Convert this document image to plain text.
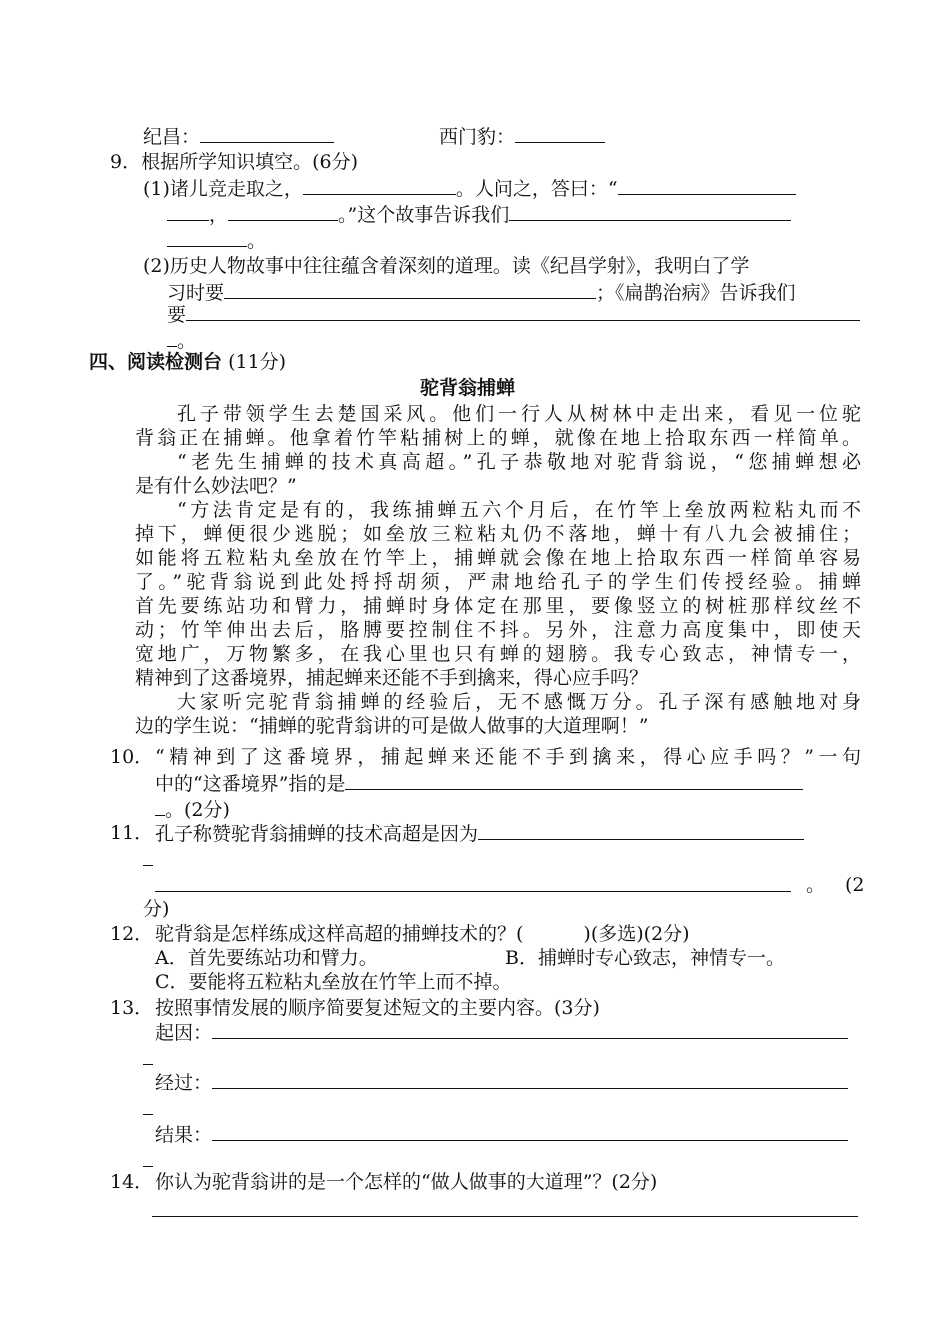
纪昌：	西门豹：
9．根据所学知识填空。(6分)
(1)诸儿竞走取之，	。人问之，答曰：“
，	。”这个故事告诉我们
。
(2)历史人物故事中往往蕴含着深刻的道理。读《纪昌学射》，我明白了学
习时要	；《扁鹊治病》告诉我们
要
。
四、阅读检测台 (11分)
驼背翁捕蝉
孔子带领学生去楚国采风。他们一行人从树林中走出来，看见一位驼
背翁正在捕蝉。他拿着竹竿粘捕树上的蝉，就像在地上拾取东西一样简单。
“老先生捕蝉的技术真高超。”孔子恭敬地对驼背翁说，“您捕蝉想必
是有什么妙法吧？”
“方法肯定是有的，我练捕蝉五六个月后，在竹竿上垒放两粒粘丸而不
掉下，蝉便很少逃脱；如垒放三粒粘丸仍不落地，蝉十有八九会被捕住；
如能将五粒粘丸垒放在竹竿上，捕蝉就会像在地上拾取东西一样简单容易
了。”驼背翁说到此处捋捋胡须，严肃地给孔子的学生们传授经验。捕蝉
首先要练站功和臂力，捕蝉时身体定在那里，要像竖立的树桩那样纹丝不
动；竹竿伸出去后，胳膊要控制住不抖。另外，注意力高度集中，即使天
宽地广，万物繁多，在我心里也只有蝉的翅膀。我专心致志，神情专一，
精神到了这番境界，捕起蝉来还能不手到擒来，得心应手吗？
大家听完驼背翁捕蝉的经验后，无不感慨万分。孔子深有感触地对身
边的学生说：“捕蝉的驼背翁讲的可是做人做事的大道理啊！”
10． “精神到了这番境界，捕起蝉来还能不手到擒来，得心应手吗？”一句
中的“这番境界”指的是
。(2分)
11． 孔子称赞驼背翁捕蝉的技术高超是因为
。 (2
分)
12． 驼背翁是怎样练成这样高超的捕蝉技术的？(	)(多选)(2分)
A．首先要练站功和臂力。	B．捕蝉时专心致志，神情专一。
C．要能将五粒粘丸垒放在竹竿上而不掉。
13． 按照事情发展的顺序简要复述短文的主要内容。(3分)
起因：
经过：
结果：
14． 你认为驼背翁讲的是一个怎样的“做人做事的大道理”？(2分)
